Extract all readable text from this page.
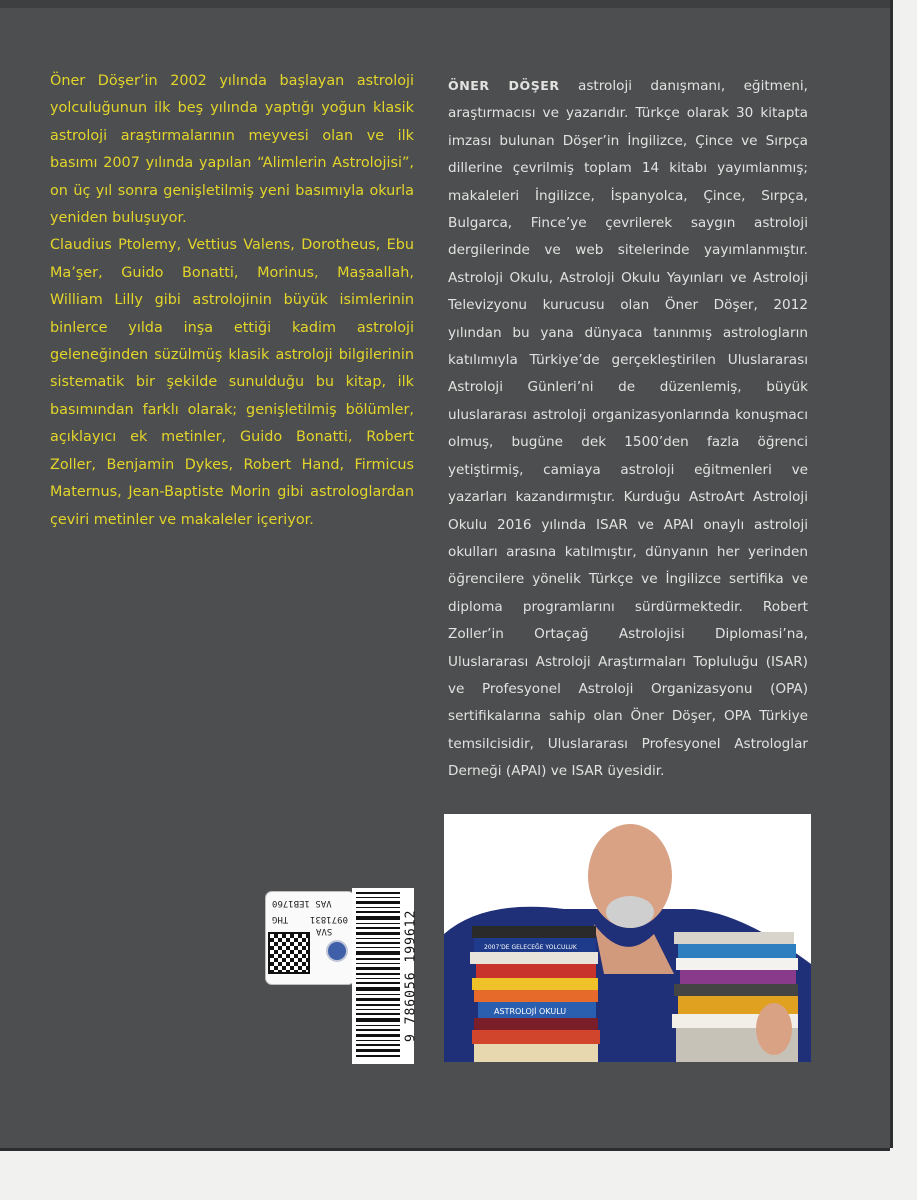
Öner Döşer’in 2002 yılında başlayan astroloji yolculuğunun ilk beş yılında yaptığı yoğun klasik astroloji araştırmalarının meyvesi olan ve ilk basımı 2007 yılında yapılan “Alimlerin Astrolojisi”, on üç yıl sonra genişletilmiş yeni basımıyla okurla yeniden buluşuyor.

Claudius Ptolemy, Vettius Valens, Dorotheus, Ebu Ma’şer, Guido Bonatti, Morinus, Maşaallah, William Lilly gibi astrolojinin büyük isimlerinin binlerce yılda inşa ettiği kadim astroloji geleneğinden süzülmüş klasik astroloji bilgilerinin sistematik bir şekilde sunulduğu bu kitap, ilk basımından farklı olarak; genişletilmiş bölümler, açıklayıcı ek metinler, Guido Bonatti, Robert Zoller, Benjamin Dykes, Robert Hand, Firmicus Maternus, Jean-Baptiste Morin gibi astrologlardan çeviri metinler ve makaleler içeriyor.

ÖNER DÖŞER astroloji danışmanı, eğitmeni, araştırmacısı ve yazarıdır. Türkçe olarak 30 kitapta imzası bulunan Döşer’in İngilizce, Çince ve Sırpça dillerine çevrilmiş toplam 14 kitabı yayımlanmış; makaleleri İngilizce, İspanyolca, Çince, Sırpça, Bulgarca, Fince’ye çevrilerek saygın astroloji dergilerinde ve web sitelerinde yayımlanmıştır. Astroloji Okulu, Astroloji Okulu Yayınları ve Astroloji Televizyonu kurucusu olan Öner Döşer, 2012 yılından bu yana dünyaca tanınmış astrologların katılımıyla Türkiye’de gerçekleştirilen Uluslararası Astroloji Günleri’ni de düzenlemiş, büyük uluslararası astroloji organizasyonlarında konuşmacı olmuş, bugüne dek 1500’den fazla öğrenci yetiştirmiş, camiaya astroloji eğitmenleri ve yazarları kazandırmıştır. Kurduğu AstroArt Astroloji Okulu 2016 yılında ISAR ve APAI onaylı astroloji okulları arasına katılmıştır, dünyanın her yerinden öğrencilere yönelik Türkçe ve İngilizce sertifika ve diploma programlarını sürdürmektedir. Robert Zoller’in Ortaçağ Astrolojisi Diplomasi’na, Uluslararası Astroloji Araştırmaları Topluluğu (ISAR) ve Profesyonel Astroloji Organizasyonu (OPA) sertifikalarına sahip olan Öner Döşer, OPA Türkiye temsilcisidir, Uluslararası Profesyonel Astrologlar Derneği (APAI) ve ISAR üyesidir.
VAS 1EB1760
THG 0971831
SVA	9 786056 199612	2007’DE GELECEĞE YOLCULUK
ASTROLOJİ OKULU
